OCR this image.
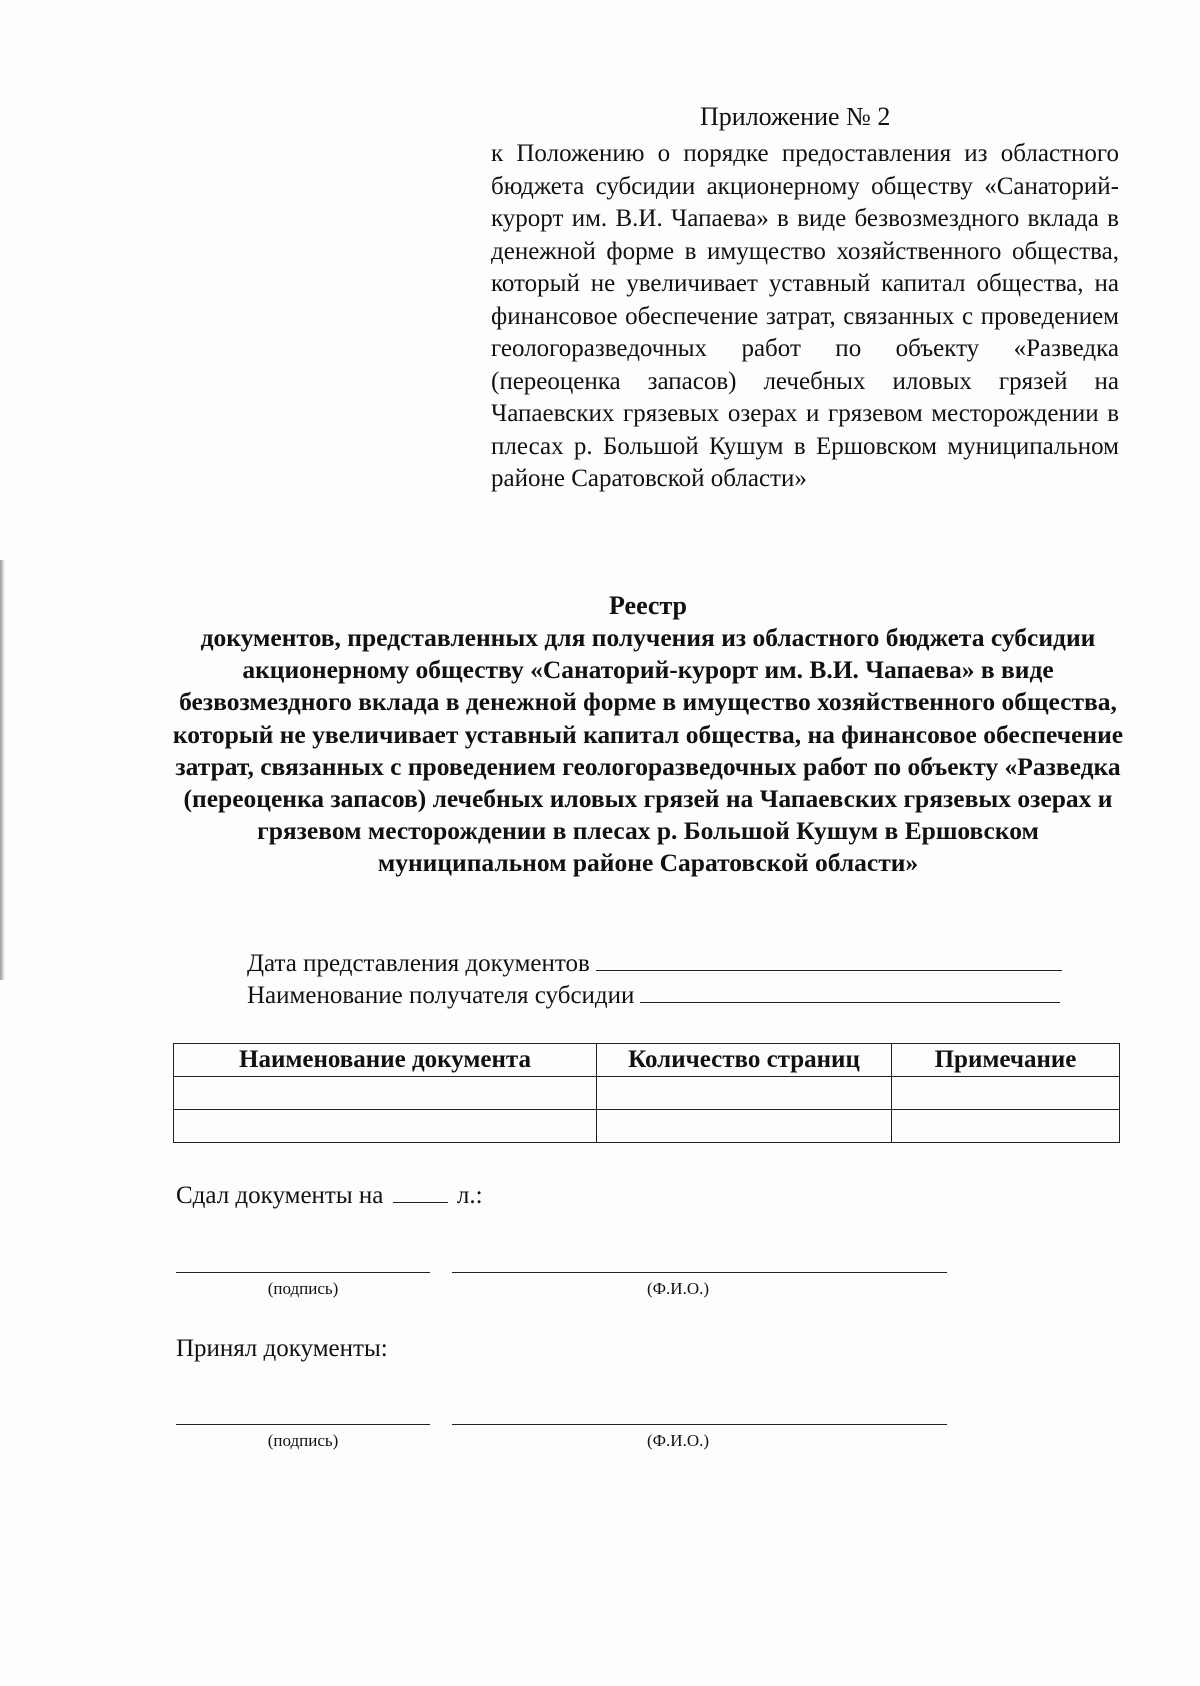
Приложение № 2

к Положению о порядке предоставления из областного бюджета субсидии акционерному обществу «Санаторий-курорт им. В.И. Чапаева» в виде безвозмездного вклада в денежной форме в имущество хозяйственного общества, который не увеличивает уставный капитал общества, на финансовое обеспечение затрат, связанных с проведением геологоразведочных работ по объекту «Разведка (переоценка запасов) лечебных иловых грязей на Чапаевских грязевых озерах и грязевом месторождении в плесах р. Большой Кушум в Ершовском муниципальном районе Саратовской области»

Реестр

документов, представленных для получения из областного бюджета субсидии акционерному обществу «Санаторий-курорт им. В.И. Чапаева» в виде безвозмездного вклада в денежной форме в имущество хозяйственного общества, который не увеличивает уставный капитал общества, на финансовое обеспечение затрат, связанных с проведением геологоразведочных работ по объекту «Разведка (переоценка запасов) лечебных иловых грязей на Чапаевских грязевых озерах и грязевом месторождении в плесах р. Большой Кушум в Ершовском муниципальном районе Саратовской области»

Дата представления документов
Наименование получателя субсидии
Наименование документа	Количество страниц	Примечание

Сдал документы на	л.:
(подпись)	(Ф.И.О.)
Принял документы:
(подпись)	(Ф.И.О.)
